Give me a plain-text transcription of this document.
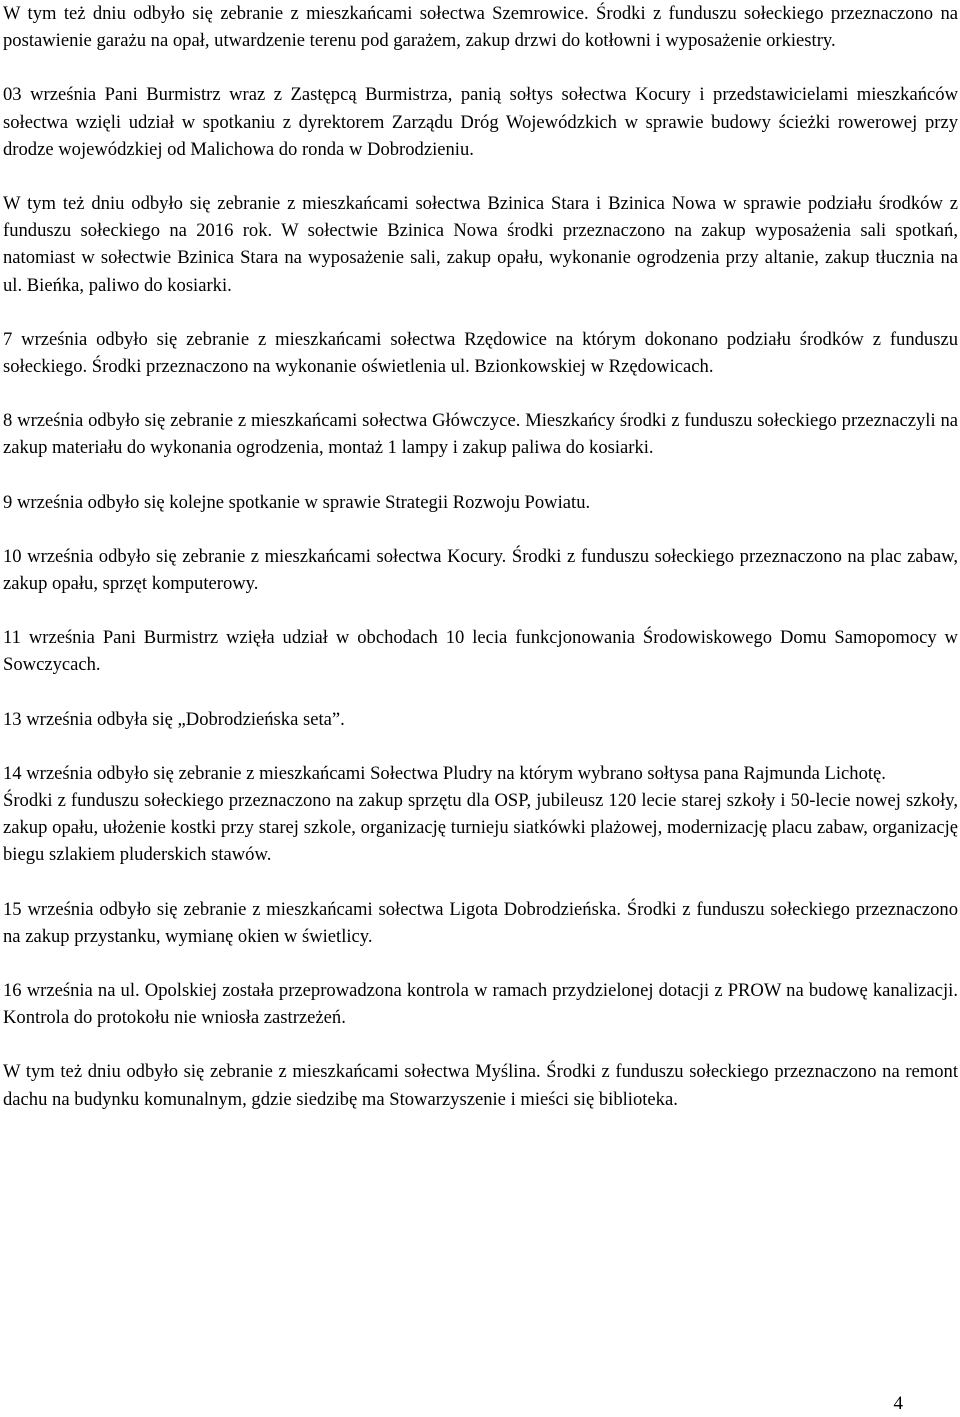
W tym też dniu odbyło się zebranie z mieszkańcami sołectwa Szemrowice. Środki z funduszu sołeckiego przeznaczono na postawienie garażu na opał, utwardzenie terenu pod garażem, zakup drzwi do kotłowni i wyposażenie orkiestry.

03 września Pani Burmistrz wraz z Zastępcą Burmistrza, panią sołtys sołectwa Kocury i przedstawicielami mieszkańców sołectwa wzięli udział w spotkaniu z dyrektorem Zarządu Dróg Wojewódzkich w sprawie budowy ścieżki rowerowej przy drodze wojewódzkiej od Malichowa do ronda w Dobrodzieniu.

W tym też dniu odbyło się zebranie z mieszkańcami sołectwa Bzinica Stara i Bzinica Nowa w sprawie podziału środków z funduszu sołeckiego na 2016 rok. W sołectwie Bzinica Nowa środki przeznaczono na zakup wyposażenia sali spotkań, natomiast w sołectwie Bzinica Stara na wyposażenie sali, zakup opału, wykonanie ogrodzenia przy altanie, zakup tłucznia na ul. Bieńka, paliwo do kosiarki.

7 września odbyło się zebranie z mieszkańcami sołectwa Rzędowice na którym dokonano podziału środków z funduszu sołeckiego. Środki przeznaczono na wykonanie oświetlenia ul. Bzionkowskiej w Rzędowicach.

8 września odbyło się zebranie z mieszkańcami sołectwa Główczyce. Mieszkańcy środki z funduszu sołeckiego przeznaczyli na zakup materiału do wykonania ogrodzenia, montaż 1 lampy i zakup paliwa do kosiarki.

9 września odbyło się kolejne spotkanie w sprawie Strategii Rozwoju Powiatu.

10 września odbyło się zebranie z mieszkańcami sołectwa Kocury. Środki z funduszu sołeckiego przeznaczono na plac zabaw, zakup opału, sprzęt komputerowy.

11 września Pani Burmistrz wzięła udział w obchodach 10 lecia funkcjonowania Środowiskowego Domu Samopomocy w Sowczycach.

13 września odbyła się „Dobrodzieńska seta”.

14 września odbyło się zebranie z mieszkańcami Sołectwa Pludry na którym wybrano sołtysa pana Rajmunda Lichotę.

Środki z funduszu sołeckiego przeznaczono na zakup sprzętu dla OSP, jubileusz 120 lecie starej szkoły i 50-lecie nowej szkoły, zakup opału, ułożenie kostki przy starej szkole, organizację turnieju siatkówki plażowej, modernizację placu zabaw, organizację biegu szlakiem pluderskich stawów.

15 września odbyło się zebranie z mieszkańcami sołectwa Ligota Dobrodzieńska. Środki z funduszu sołeckiego przeznaczono na zakup przystanku, wymianę okien w świetlicy.

16 września na ul. Opolskiej została przeprowadzona kontrola w ramach przydzielonej dotacji z PROW na budowę kanalizacji. Kontrola do protokołu nie wniosła zastrzeżeń.

W tym też dniu odbyło się zebranie z mieszkańcami sołectwa Myślina. Środki z funduszu sołeckiego przeznaczono na remont dachu na budynku komunalnym, gdzie siedzibę ma Stowarzyszenie i mieści się biblioteka.

4
